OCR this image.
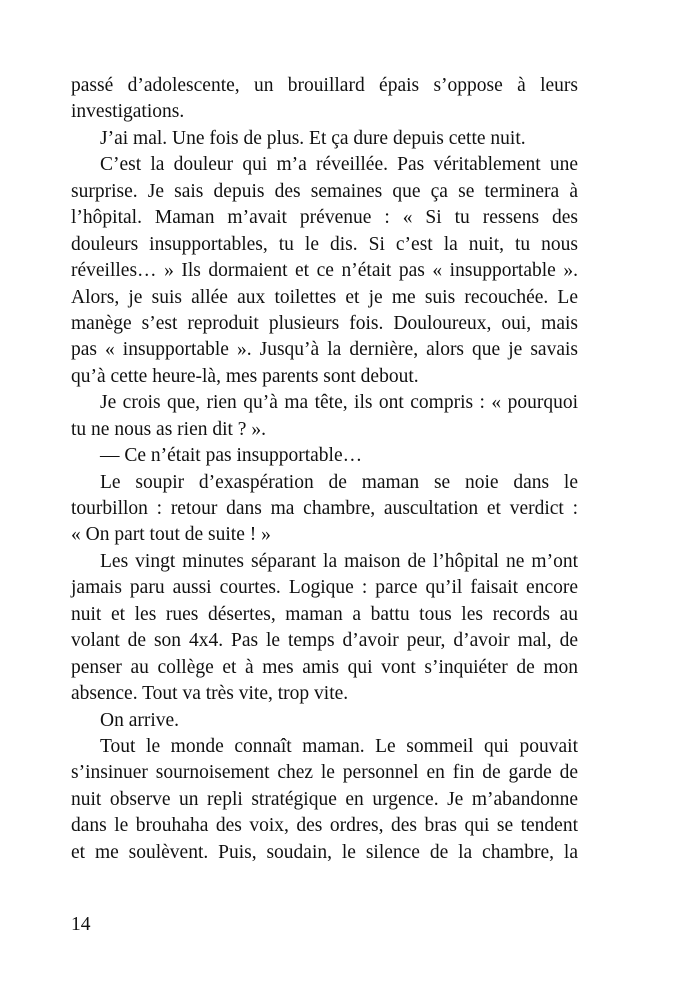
passé d’adolescente, un brouillard épais s’oppose à leurs
investigations.
J’ai mal. Une fois de plus. Et ça dure depuis cette nuit.
C’est la douleur qui m’a réveillée. Pas véritablement une
surprise. Je sais depuis des semaines que ça se terminera à
l’hôpital. Maman m’avait prévenue : « Si tu ressens des
douleurs insupportables, tu le dis. Si c’est la nuit, tu nous
réveilles… » Ils dormaient et ce n’était pas « insupportable ».
Alors, je suis allée aux toilettes et je me suis recouchée. Le
manège s’est reproduit plusieurs fois. Douloureux, oui, mais
pas « insupportable ». Jusqu’à la dernière, alors que je savais
qu’à cette heure-là, mes parents sont debout.
Je crois que, rien qu’à ma tête, ils ont compris : « pourquoi
tu ne nous as rien dit ? ».
— Ce n’était pas insupportable…
Le soupir d’exaspération de maman se noie dans le
tourbillon : retour dans ma chambre, auscultation et verdict :
« On part tout de suite ! »
Les vingt minutes séparant la maison de l’hôpital ne m’ont
jamais paru aussi courtes. Logique : parce qu’il faisait encore
nuit et les rues désertes, maman a battu tous les records au
volant de son 4x4. Pas le temps d’avoir peur, d’avoir mal, de
penser au collège et à mes amis qui vont s’inquiéter de mon
absence. Tout va très vite, trop vite.
On arrive.
Tout le monde connaît maman. Le sommeil qui pouvait
s’insinuer sournoisement chez le personnel en fin de garde de
nuit observe un repli stratégique en urgence. Je m’abandonne
dans le brouhaha des voix, des ordres, des bras qui se tendent
et me soulèvent. Puis, soudain, le silence de la chambre, la
14
